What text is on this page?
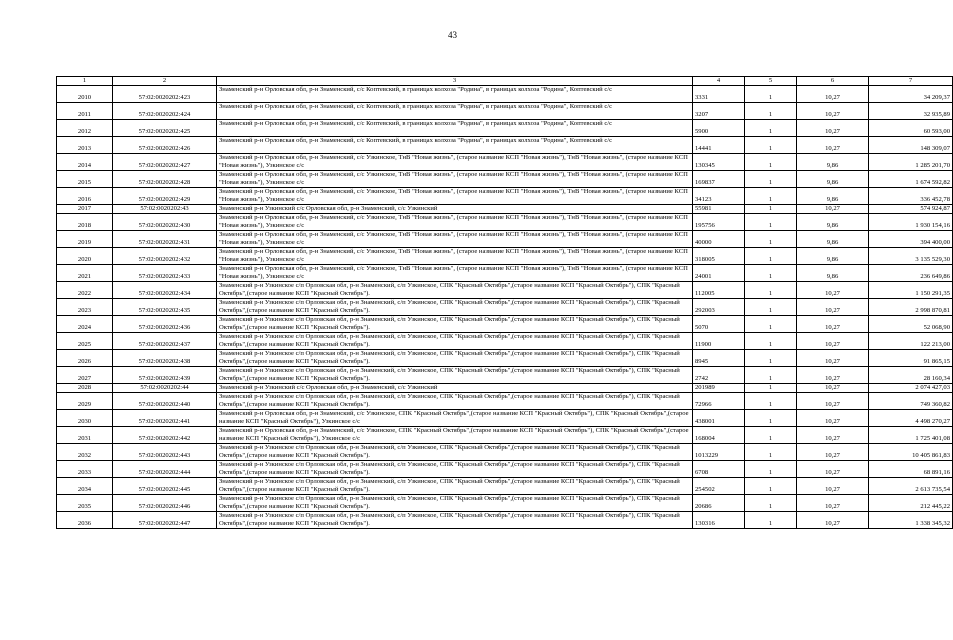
43
1	2	3	4	5	6	7
2010	57:02:0020202:423	Знаменский р-н Орловская обл, р-н Знаменский, с/с Коптевский, в границах колхоза "Родина", в границах колхоза "Родина", Коптевский с/с	3331	1	10,27	34 209,37
2011	57:02:0020202:424	Знаменский р-н Орловская обл, р-н Знаменский, с/с Коптевский, в границах колхоза "Родина", в границах колхоза "Родина", Коптевский с/с	3207	1	10,27	32 935,89
2012	57:02:0020202:425	Знаменский р-н Орловская обл, р-н Знаменский, с/с Коптевский, в границах колхоза "Родина", в границах колхоза "Родина", Коптевский с/с	5900	1	10,27	60 593,00
2013	57:02:0020202:426	Знаменский р-н Орловская обл, р-н Знаменский, с/с Коптевский, в границах колхоза "Родина", в границах колхоза "Родина", Коптевский с/с	14441	1	10,27	148 309,07
2014	57:02:0020202:427	Знаменский р-н Орловская обл, р-н Знаменский, с/с Узкинское, ТнВ "Новая жизнь", (старое название КСП "Новая жизнь"), ТнВ "Новая жизнь", (старое название КСП "Новая жизнь"), Узкинское с/с	130345	1	9,86	1 285 201,70
2015	57:02:0020202:428	Знаменский р-н Орловская обл, р-н Знаменский, с/с Узкинское, ТнВ "Новая жизнь", (старое название КСП "Новая жизнь"), ТнВ "Новая жизнь", (старое название КСП "Новая жизнь"), Узкинское с/с	169837	1	9,86	1 674 592,82
2016	57:02:0020202:429	Знаменский р-н Орловская обл, р-н Знаменский, с/с Узкинское, ТнВ "Новая жизнь", (старое название КСП "Новая жизнь"), ТнВ "Новая жизнь", (старое название КСП "Новая жизнь"), Узкинское с/с	34123	1	9,86	336 452,78
2017	57:02:0020202:43	Знаменский р-н Узкинский с/с Орловская обл, р-н Знаменский, с/с Узкинский	55981	1	10,27	574 924,87
2018	57:02:0020202:430	Знаменский р-н Орловская обл, р-н Знаменский, с/с Узкинское, ТнВ "Новая жизнь", (старое название КСП "Новая жизнь"), ТнВ "Новая жизнь", (старое название КСП "Новая жизнь"), Узкинское с/с	195756	1	9,86	1 930 154,16
2019	57:02:0020202:431	Знаменский р-н Орловская обл, р-н Знаменский, с/с Узкинское, ТнВ "Новая жизнь", (старое название КСП "Новая жизнь"), ТнВ "Новая жизнь", (старое название КСП "Новая жизнь"), Узкинское с/с	40000	1	9,86	394 400,00
2020	57:02:0020202:432	Знаменский р-н Орловская обл, р-н Знаменский, с/с Узкинское, ТнВ "Новая жизнь", (старое название КСП "Новая жизнь"), ТнВ "Новая жизнь", (старое название КСП "Новая жизнь"), Узкинское с/с	318005	1	9,86	3 135 529,30
2021	57:02:0020202:433	Знаменский р-н Орловская обл, р-н Знаменский, с/с Узкинское, ТнВ "Новая жизнь", (старое название КСП "Новая жизнь"), ТнВ "Новая жизнь", (старое название КСП "Новая жизнь"), Узкинское с/с	24001	1	9,86	236 649,86
2022	57:02:0020202:434	Знаменский р-н Узкинское с/п Орловская обл, р-н Знаменский, с/п Узкинское, СПК "Красный Октябрь",(старое название КСП "Красный Октябрь"), СПК "Красный Октябрь",(старое название КСП "Красный Октябрь").	112005	1	10,27	1 150 291,35
2023	57:02:0020202:435	Знаменский р-н Узкинское с/п Орловская обл, р-н Знаменский, с/п Узкинское, СПК "Красный Октябрь",(старое название КСП "Красный Октябрь"), СПК "Красный Октябрь",(старое название КСП "Красный Октябрь").	292003	1	10,27	2 998 870,81
2024	57:02:0020202:436	Знаменский р-н Узкинское с/п Орловская обл, р-н Знаменский, с/п Узкинское, СПК "Красный Октябрь",(старое название КСП "Красный Октябрь"), СПК "Красный Октябрь",(старое название КСП "Красный Октябрь").	5070	1	10,27	52 068,90
2025	57:02:0020202:437	Знаменский р-н Узкинское с/п Орловская обл, р-н Знаменский, с/п Узкинское, СПК "Красный Октябрь",(старое название КСП "Красный Октябрь"), СПК "Красный Октябрь",(старое название КСП "Красный Октябрь").	11900	1	10,27	122 213,00
2026	57:02:0020202:438	Знаменский р-н Узкинское с/п Орловская обл, р-н Знаменский, с/п Узкинское, СПК "Красный Октябрь",(старое название КСП "Красный Октябрь"), СПК "Красный Октябрь",(старое название КСП "Красный Октябрь").	8945	1	10,27	91 865,15
2027	57:02:0020202:439	Знаменский р-н Узкинское с/п Орловская обл, р-н Знаменский, с/п Узкинское, СПК "Красный Октябрь",(старое название КСП "Красный Октябрь"), СПК "Красный Октябрь",(старое название КСП "Красный Октябрь").	2742	1	10,27	28 160,34
2028	57:02:0020202:44	Знаменский р-н Узкинский с/с Орловская обл, р-н Знаменский, с/с Узкинский	201989	1	10,27	2 074 427,03
2029	57:02:0020202:440	Знаменский р-н Узкинское с/п Орловская обл, р-н Знаменский, с/п Узкинское, СПК "Красный Октябрь",(старое название КСП "Красный Октябрь"), СПК "Красный Октябрь",(старое название КСП "Красный Октябрь").	72966	1	10,27	749 360,82
2030	57:02:0020202:441	Знаменский р-н Орловская обл, р-н Знаменский, с/с Узкинское, СПК "Красный Октябрь",(старое название КСП "Красный Октябрь"), СПК "Красный Октябрь",(старое название КСП "Красный Октябрь"), Узкинское с/с	438001	1	10,27	4 498 270,27
2031	57:02:0020202:442	Знаменский р-н Орловская обл, р-н Знаменский, с/с Узкинское, СПК "Красный Октябрь",(старое название КСП "Красный Октябрь"), СПК "Красный Октябрь",(старое название КСП "Красный Октябрь"), Узкинское с/с	168004	1	10,27	1 725 401,08
2032	57:02:0020202:443	Знаменский р-н Узкинское с/п Орловская обл, р-н Знаменский, с/п Узкинское, СПК "Красный Октябрь",(старое название КСП "Красный Октябрь"), СПК "Красный Октябрь",(старое название КСП "Красный Октябрь").	1013229	1	10,27	10 405 861,83
2033	57:02:0020202:444	Знаменский р-н Узкинское с/п Орловская обл, р-н Знаменский, с/п Узкинское, СПК "Красный Октябрь",(старое название КСП "Красный Октябрь"), СПК "Красный Октябрь",(старое название КСП "Красный Октябрь").	6708	1	10,27	68 891,16
2034	57:02:0020202:445	Знаменский р-н Узкинское с/п Орловская обл, р-н Знаменский, с/п Узкинское, СПК "Красный Октябрь",(старое название КСП "Красный Октябрь"), СПК "Красный Октябрь",(старое название КСП "Красный Октябрь").	254502	1	10,27	2 613 735,54
2035	57:02:0020202:446	Знаменский р-н Узкинское с/п Орловская обл, р-н Знаменский, с/п Узкинское, СПК "Красный Октябрь",(старое название КСП "Красный Октябрь"), СПК "Красный Октябрь",(старое название КСП "Красный Октябрь").	20686	1	10,27	212 445,22
2036	57:02:0020202:447	Знаменский р-н Узкинское с/п Орловская обл, р-н Знаменский, с/п Узкинское, СПК "Красный Октябрь",(старое название КСП "Красный Октябрь"), СПК "Красный Октябрь",(старое название КСП "Красный Октябрь").	130316	1	10,27	1 338 345,32
